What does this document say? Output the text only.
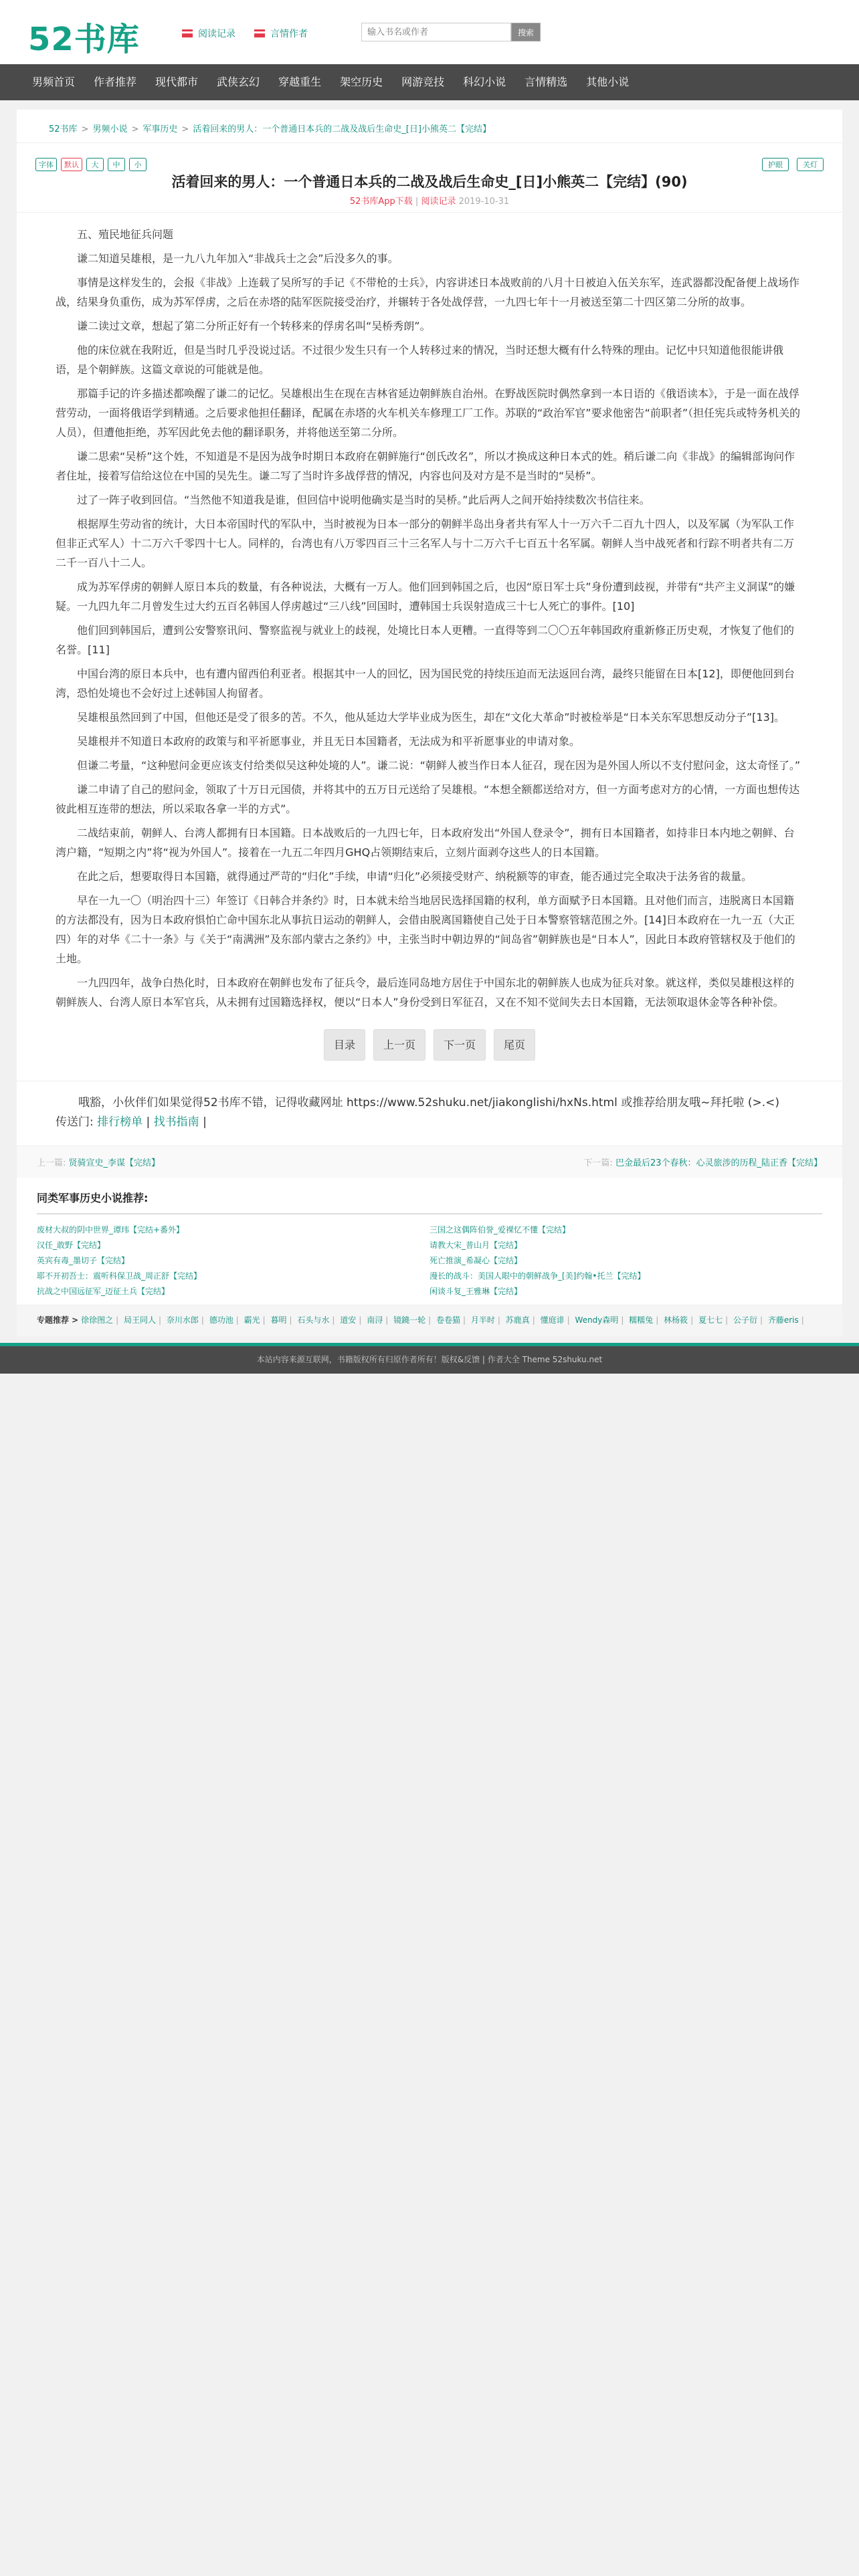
52书库	阅读记录	言情作者
输入书名或作者	搜索
男频首页	作者推荐	现代都市	武侠玄幻	穿越重生	架空历史	网游竞技	科幻小说	言情精选	其他小说
52书库 > 男频小说 > 军事历史 > 活着回来的男人：一个普通日本兵的二战及战后生命史_[日]小熊英二【完结】
字体	默认	大	中	小	护眼	关灯
活着回来的男人：一个普通日本兵的二战及战后生命史_[日]小熊英二【完结】(90)
52书库App下载 | 阅读记录 2019-10-31

五、殖民地征兵问题

谦二知道吴雄根，是一九八九年加入“非战兵士之会”后没多久的事。

事情是这样发生的，会报《非战》上连载了吴所写的手记《不带枪的士兵》，内容讲述日本战败前的八月十日被迫入伍关东军，连武器都没配备便上战场作战，结果身负重伤，成为苏军俘虏，之后在赤塔的陆军医院接受治疗，并辗转于各处战俘营，一九四七年十一月被送至第二十四区第二分所的故事。

谦二读过文章，想起了第二分所正好有一个转移来的俘虏名叫“吴桥秀朗”。

他的床位就在我附近，但是当时几乎没说过话。不过很少发生只有一个人转移过来的情况，当时还想大概有什么特殊的理由。记忆中只知道他很能讲俄语，是个朝鲜族。这篇文章说的可能就是他。

那篇手记的许多描述都唤醒了谦二的记忆。吴雄根出生在现在吉林省延边朝鲜族自治州。在野战医院时偶然拿到一本日语的《俄语读本》，于是一面在战俘营劳动，一面将俄语学到精通。之后要求他担任翻译，配属在赤塔的火车机关车修理工厂工作。苏联的“政治军官”要求他密告“前职者”（担任宪兵或特务机关的人员），但遭他拒绝，苏军因此免去他的翻译职务，并将他送至第二分所。

谦二思索“吴桥”这个姓，不知道是不是因为战争时期日本政府在朝鲜施行“创氏改名”，所以才换成这种日本式的姓。稍后谦二向《非战》的编辑部询问作者住址，接着写信给这位在中国的吴先生。谦二写了当时许多战俘营的情况，内容也问及对方是不是当时的“吴桥”。

过了一阵子收到回信。“当然他不知道我是谁，但回信中说明他确实是当时的吴桥。”此后两人之间开始持续数次书信往来。

根据厚生劳动省的统计，大日本帝国时代的军队中，当时被视为日本一部分的朝鲜半岛出身者共有军人十一万六千二百九十四人，以及军属（为军队工作但非正式军人）十二万六千零四十七人。同样的，台湾也有八万零四百三十三名军人与十二万六千七百五十名军属。朝鲜人当中战死者和行踪不明者共有二万二千一百八十二人。

成为苏军俘虏的朝鲜人原日本兵的数量，有各种说法，大概有一万人。他们回到韩国之后，也因“原日军士兵”身份遭到歧视，并带有“共产主义洞谋”的嫌疑。一九四九年二月曾发生过大约五百名韩国人俘虏越过“三八线”回国时，遭韩国士兵误射造成三十七人死亡的事件。[10]

他们回到韩国后，遭到公安警察讯问、警察监视与就业上的歧视，处境比日本人更糟。一直得等到二〇〇五年韩国政府重新修正历史观，才恢复了他们的名誉。[11]

中国台湾的原日本兵中，也有遭内留西伯利亚者。根据其中一人的回忆，因为国民党的持续压迫而无法返回台湾，最终只能留在日本[12]，即便他回到台湾，恐怕处境也不会好过上述韩国人拘留者。

吴雄根虽然回到了中国，但他还是受了很多的苦。不久，他从延边大学毕业成为医生，却在“文化大革命”时被检举是“日本关东军思想反动分子”[13]。

吴雄根并不知道日本政府的政策与和平祈愿事业，并且无日本国籍者，无法成为和平祈愿事业的申请对象。

但谦二考量，“这种慰问金更应该支付给类似吴这种处境的人”。谦二说：“朝鲜人被当作日本人征召，现在因为是外国人所以不支付慰问金，这太奇怪了。”

谦二申请了自己的慰问金，领取了十万日元国债，并将其中的五万日元送给了吴雄根。“本想全额都送给对方，但一方面考虑对方的心情，一方面也想传达彼此相互连带的想法，所以采取各拿一半的方式”。

二战结束前，朝鲜人、台湾人都拥有日本国籍。日本战败后的一九四七年，日本政府发出“外国人登录令”，拥有日本国籍者，如持非日本内地之朝鲜、台湾户籍，“短期之内”将“视为外国人”。接着在一九五二年四月GHQ占领期结束后，立刻片面剥夺这些人的日本国籍。

在此之后，想要取得日本国籍，就得通过严苛的“归化”手续，申请“归化”必须接受财产、纳税额等的审查，能否通过完全取决于法务省的裁量。

早在一九一〇（明治四十三）年签订《日韩合并条约》时，日本就未给当地居民选择国籍的权利，单方面赋予日本国籍。且对他们而言，违脱离日本国籍的方法都没有，因为日本政府惧怕亡命中国东北从事抗日运动的朝鲜人，会借由脱离国籍使自己处于日本警察管辖范围之外。[14]日本政府在一九一五（大正四）年的对华《二十一条》与《关于“南满洲”及东部内蒙古之条约》中，主张当时中朝边界的“间岛省”朝鲜族也是“日本人”，因此日本政府管辖权及于他们的土地。

一九四四年，战争白热化时，日本政府在朝鲜也发布了征兵令，最后连同岛地方居住于中国东北的朝鲜族人也成为征兵对象。就这样，类似吴雄根这样的朝鲜族人、台湾人原日本军官兵，从未拥有过国籍选择权，便以“日本人”身份受到日军征召，又在不知不觉间失去日本国籍，无法领取退休金等各种补偿。

目录	上一页	下一页	尾页

哦豁，小伙伴们如果觉得52书库不错，记得收藏网址 https://www.52shuku.net/jiakonglishi/hxNs.html 或推荐给朋友哦~拜托啦 (>.<)

传送门: 排行榜单 | 找书指南 |
上一篇: 贤骑宣史_李谋【完结】	下一篇: 巴金最后23个春秋：心灵旅涉的历程_陆正香【完结】
同类军事历史小说推荐:
废材大叔的阴中世界_谭玮【完结+番外】	三国之这偶阵伯誉_爱裸忆不懂【完结】
汉任_敢野【完结】	请教大宋_普山月【完结】
英宾有毒_墨切子【完结】	死亡推演_希凝心【完结】
耶不开初吾士：震听科保卫战_周正舒【完结】	漫长的战斗：美国人眼中的朝鲜战争_[美]约翰•托兰【完结】
抗战之中国远征军_迈征土兵【完结】	闲谈斗复_王雅琳【完结】
专题推荐 > 徐徐图之 | 局王同人 | 奈川水郎 | 德功池 | 霸光 | 暮明 | 石头与水 | 道安 | 南浔 | 镜鐃一轮 | 卷卷猫 | 月半时 | 苏鹿真 | 懂庭诽 | Wendy森明 | 糯糯兔 | 林杨筱 | 夏七七 | 公子衍 | 齐藤eris |
本站内容来源互联网，书籍版权所有归原作者所有！版权&反馈 | 作者大全 Theme 52shuku.net
